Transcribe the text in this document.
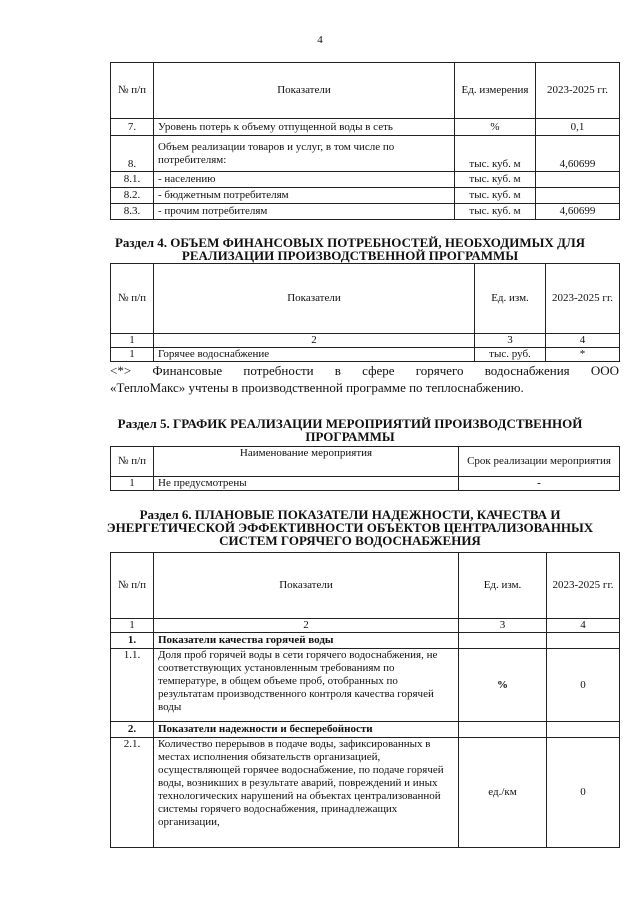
4
№ п/п	Показатели	Ед. измерения	2023-2025 гг.
7.	Уровень потерь к объему отпущенной воды в сеть	%	0,1
8.	Объем реализации товаров и услуг, в том числе по потребителям:	тыс. куб. м	4,60699
8.1.	- населению	тыс. куб. м	
8.2.	- бюджетным потребителям	тыс. куб. м	
8.3.	- прочим потребителям	тыс. куб. м	4,60699
Раздел 4. ОБЪЕМ ФИНАНСОВЫХ ПОТРЕБНОСТЕЙ, НЕОБХОДИМЫХ ДЛЯ
РЕАЛИЗАЦИИ ПРОИЗВОДСТВЕННОЙ ПРОГРАММЫ
№ п/п	Показатели	Ед. изм.	2023-2025 гг.
1	2	3	4
1	Горячее водоснабжение	тыс. руб.	*
<*> Финансовые потребности в сфере горячего водоснабжения ООО
«ТеплоМакс» учтены в производственной программе по теплоснабжению.
Раздел 5. ГРАФИК РЕАЛИЗАЦИИ МЕРОПРИЯТИЙ ПРОИЗВОДСТВЕННОЙ
ПРОГРАММЫ
№ п/п	Наименование мероприятия	Срок реализации мероприятия
1	Не предусмотрены	-
Раздел 6. ПЛАНОВЫЕ ПОКАЗАТЕЛИ НАДЕЖНОСТИ, КАЧЕСТВА И
ЭНЕРГЕТИЧЕСКОЙ ЭФФЕКТИВНОСТИ ОБЪЕКТОВ ЦЕНТРАЛИЗОВАННЫХ
СИСТЕМ ГОРЯЧЕГО ВОДОСНАБЖЕНИЯ
№ п/п	Показатели	Ед. изм.	2023-2025 гг.
1	2	3	4
1.	Показатели качества горячей воды		
1.1.	Доля проб горячей воды в сети горячего водоснабжения, не соответствующих установленным требованиям по температуре, в общем объеме проб, отобранных по результатам производственного контроля качества горячей воды	%	0
2.	Показатели надежности и бесперебойности		
2.1.	Количество перерывов в подаче воды, зафиксированных в местах исполнения обязательств организацией, осуществляющей горячее водоснабжение, по подаче горячей воды, возникших в результате аварий, повреждений и иных технологических нарушений на объектах централизованной системы горячего водоснабжения, принадлежащих организации,	ед./км	0
